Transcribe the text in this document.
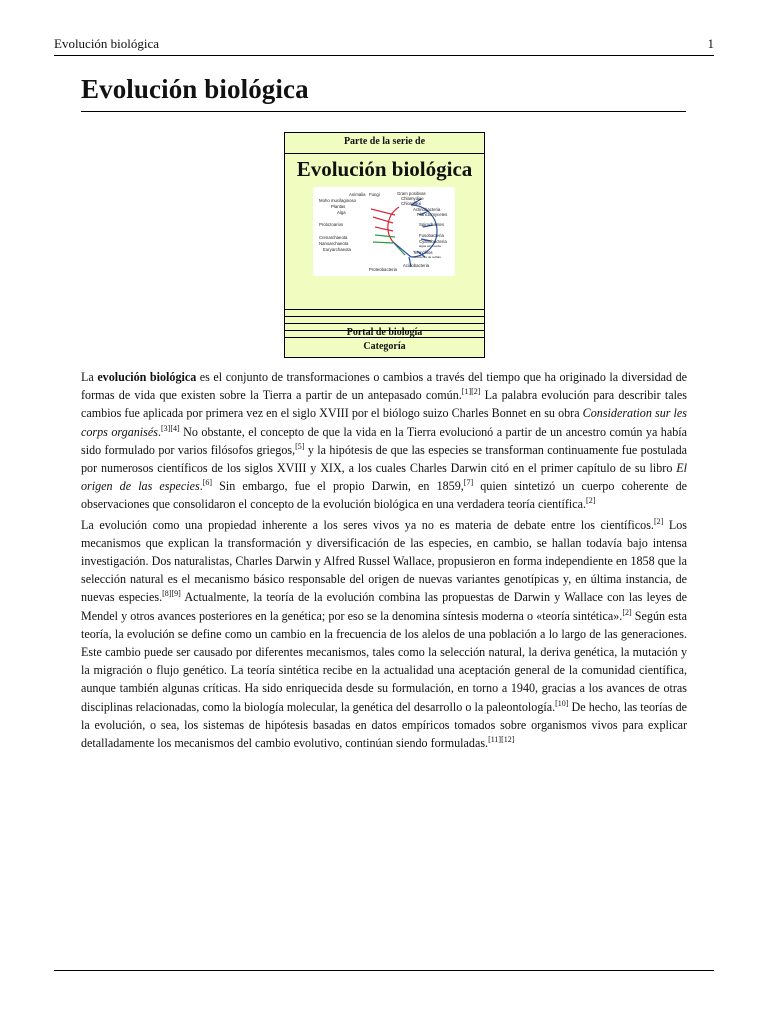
Evolución biológica	1
Evolución biológica
Parte de la serie de
Evolución biológica
Animalia Fungi
Moho mucilaginoso
Plantas
Alga
Protozoarios
Crenarchaeota
Nanoarchaeota
Euryarchaeota
Gram positivas
Chlamydiae
Chloroflexi
Actinobacteria
Planctomycetes
Spirochaetes
Fusobacteria
Cyanobacteria
algas azul-verde
Termófilos
reductores de sulfato
Acidobacteria
Proteobacteria
Portal de biología
Categoría

La evolución biológica es el conjunto de transformaciones o cambios a través del tiempo que ha originado la diversidad de formas de vida que existen sobre la Tierra a partir de un antepasado común.[1][2] La palabra evolución para describir tales cambios fue aplicada por primera vez en el siglo XVIII por el biólogo suizo Charles Bonnet en su obra Consideration sur les corps organisés.[3][4] No obstante, el concepto de que la vida en la Tierra evolucionó a partir de un ancestro común ya había sido formulado por varios filósofos griegos,[5] y la hipótesis de que las especies se transforman continuamente fue postulada por numerosos científicos de los siglos XVIII y XIX, a los cuales Charles Darwin citó en el primer capítulo de su libro El origen de las especies.[6] Sin embargo, fue el propio Darwin, en 1859,[7] quien sintetizó un cuerpo coherente de observaciones que consolidaron el concepto de la evolución biológica en una verdadera teoría científica.[2]

La evolución como una propiedad inherente a los seres vivos ya no es materia de debate entre los científicos.[2] Los mecanismos que explican la transformación y diversificación de las especies, en cambio, se hallan todavía bajo intensa investigación. Dos naturalistas, Charles Darwin y Alfred Russel Wallace, propusieron en forma independiente en 1858 que la selección natural es el mecanismo básico responsable del origen de nuevas variantes genotípicas y, en última instancia, de nuevas especies.[8][9] Actualmente, la teoría de la evolución combina las propuestas de Darwin y Wallace con las leyes de Mendel y otros avances posteriores en la genética; por eso se la denomina síntesis moderna o «teoría sintética».[2] Según esta teoría, la evolución se define como un cambio en la frecuencia de los alelos de una población a lo largo de las generaciones. Este cambio puede ser causado por diferentes mecanismos, tales como la selección natural, la deriva genética, la mutación y la migración o flujo genético. La teoría sintética recibe en la actualidad una aceptación general de la comunidad científica, aunque también algunas críticas. Ha sido enriquecida desde su formulación, en torno a 1940, gracias a los avances de otras disciplinas relacionadas, como la biología molecular, la genética del desarrollo o la paleontología.[10] De hecho, las teorías de la evolución, o sea, los sistemas de hipótesis basadas en datos empíricos tomados sobre organismos vivos para explicar detalladamente los mecanismos del cambio evolutivo, continúan siendo formuladas.[11][12]
